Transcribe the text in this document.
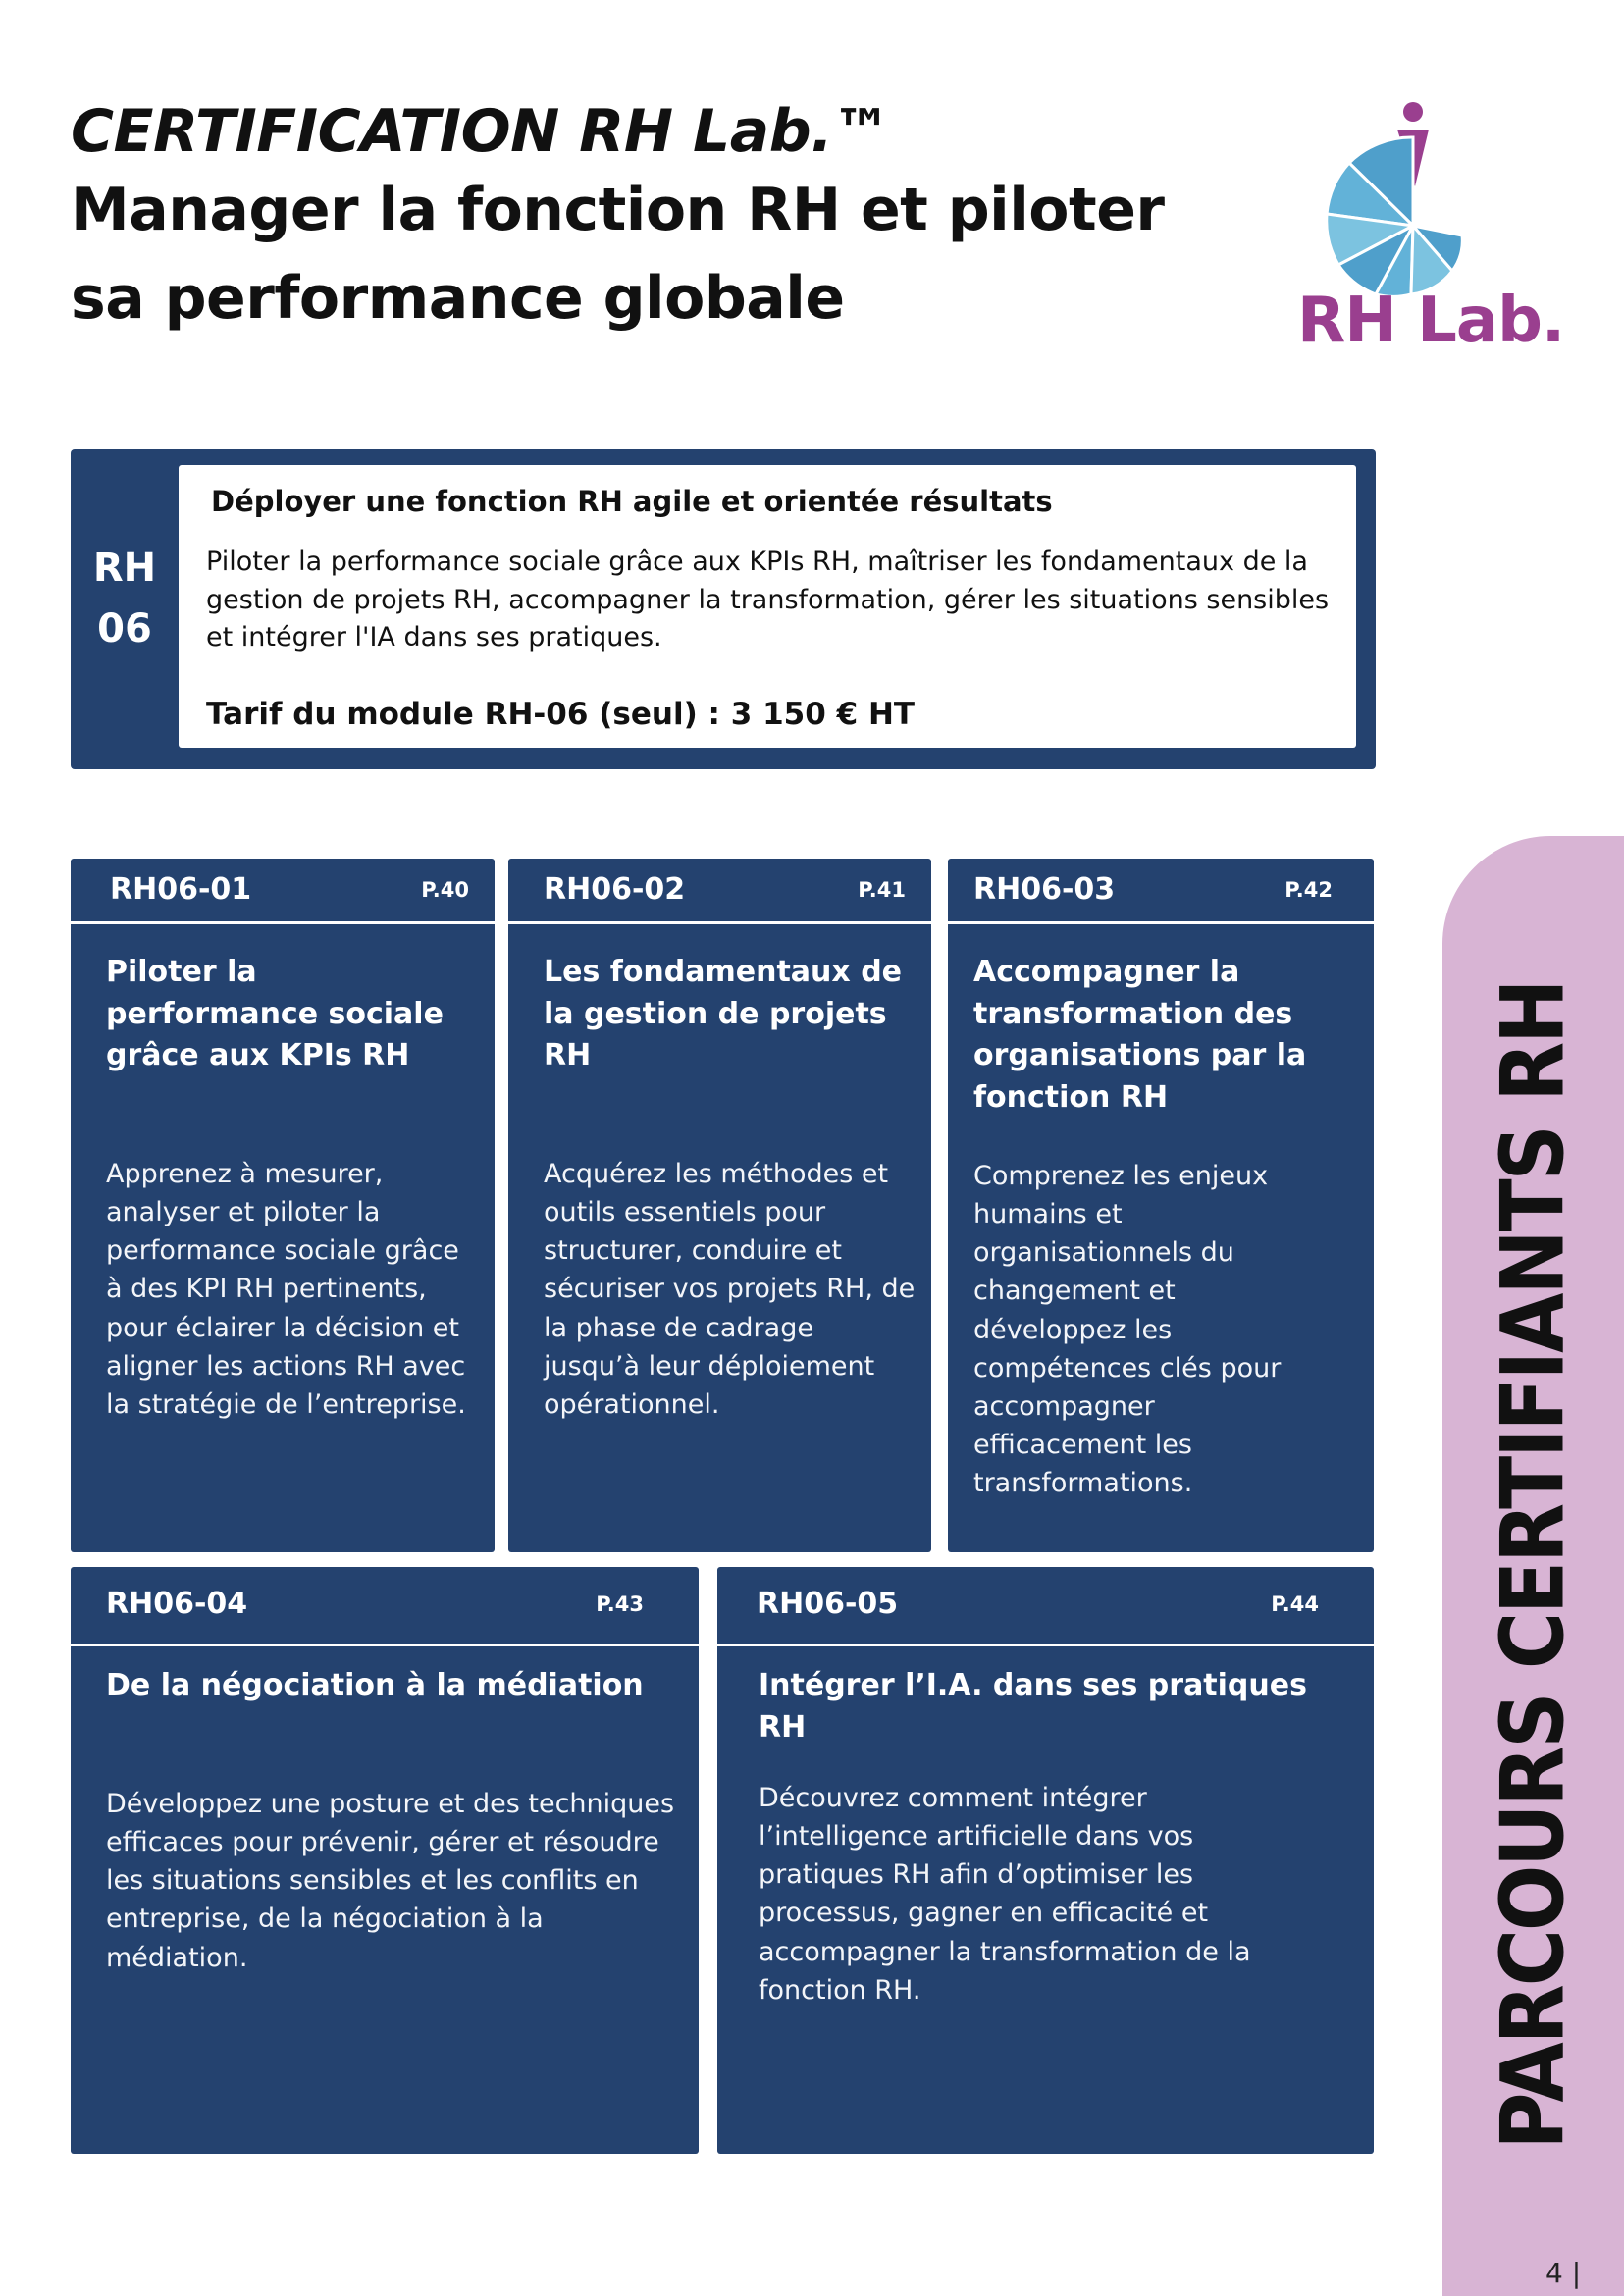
CERTIFICATION RH Lab.™
Manager la fonction RH et piloter
sa performance globale	RH Lab.
RH
06
Déployer une fonction RH agile et orientée résultats
Piloter la performance sociale grâce aux KPIs RH, maîtriser les fondamentaux de la gestion de projets RH, accompagner la transformation, gérer les situations sensibles et intégrer l'IA dans ses pratiques.
Tarif du module RH-06 (seul) : 3 150 € HT
RH06-01	P.40
Piloter la performance sociale grâce aux KPIs RH
Apprenez à mesurer, analyser et piloter la performance sociale grâce à des KPI RH pertinents, pour éclairer la décision et aligner les actions RH avec la stratégie de l’entreprise.
RH06-02	P.41
Les fondamentaux de la gestion de projets RH
Acquérez les méthodes et outils essentiels pour structurer, conduire et sécuriser vos projets RH, de la phase de cadrage jusqu’à leur déploiement opérationnel.
RH06-03	P.42
Accompagner la transformation des organisations par la fonction RH
Comprenez les enjeux humains et organisationnels du changement et développez les compétences clés pour accompagner efficacement les transformations.
RH06-04	P.43
De la négociation à la médiation
Développez une posture et des techniques efficaces pour prévenir, gérer et résoudre les situations sensibles et les conflits en entreprise, de la négociation à la médiation.
RH06-05	P.44
Intégrer l’I.A. dans ses pratiques RH
Découvrez comment intégrer l’intelligence artificielle dans vos pratiques RH afin d’optimiser les processus, gagner en efficacité et accompagner la transformation de la fonction RH.	PARCOURS CERTIFIANTS RH
4 |
